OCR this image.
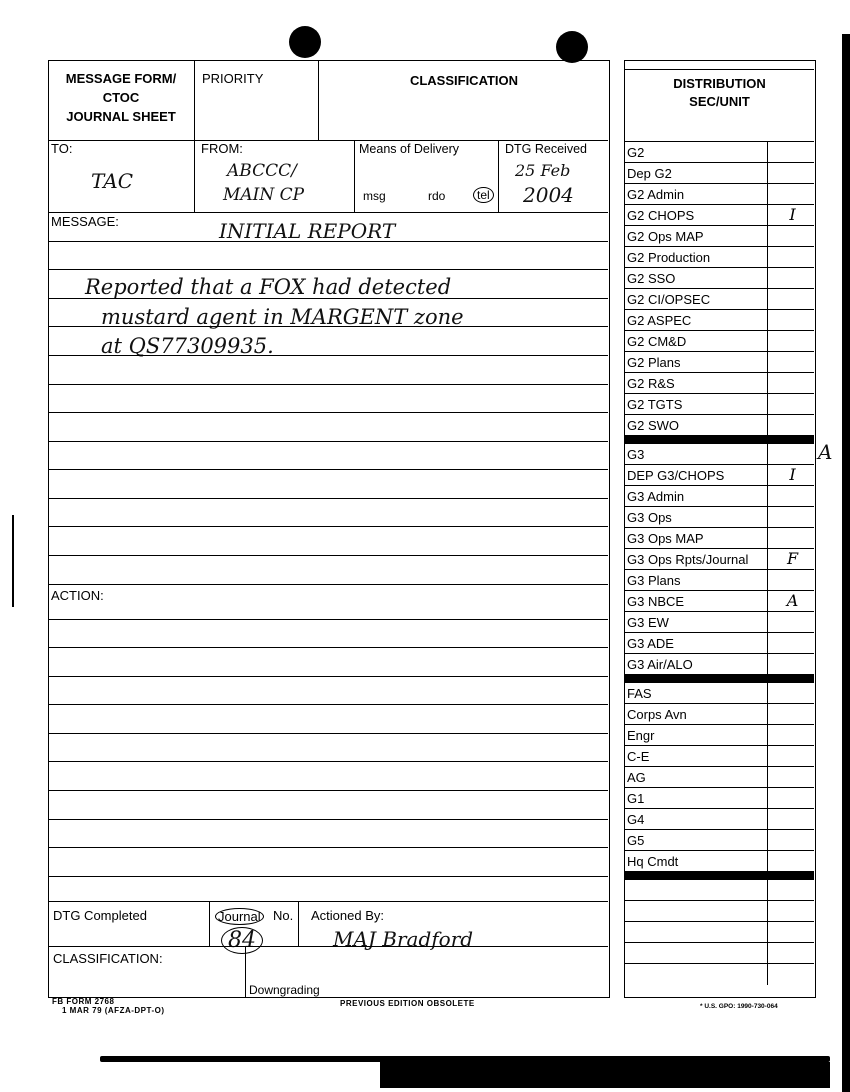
MESSAGE FORM/
CTOC
JOURNAL SHEET
PRIORITY	CLASSIFICATION
TO:
TAC
FROM:
ABCCC/
MAIN CP
Means of Delivery
msg	rdo	tel
DTG Received
25 Feb
2004
MESSAGE:	INITIAL REPORT
Reported that a FOX had detected
mustard agent in MARGENT zone
at QS77309935.
ACTION:
DTG Completed	Journal No.
84
Actioned By:
MAJ Bradford
CLASSIFICATION:
Downgrading
FB FORM 2768
1 MAR 79 (AFZA-DPT-O)
PREVIOUS EDITION OBSOLETE	* U.S. GPO: 1990-730-064
DISTRIBUTION
SEC/UNIT
G2
Dep G2
G2 Admin
G2 CHOPS	I
G2 Ops MAP
G2 Production
G2 SSO
G2 CI/OPSEC
G2 ASPEC
G2 CM&D
G2 Plans
G2 R&S
G2 TGTS
G2 SWO
G3
DEP G3/CHOPS	I
G3 Admin
G3 Ops
G3 Ops MAP
G3 Ops Rpts/Journal	F
G3 Plans
G3 NBCE	A
G3 EW
G3 ADE
G3 Air/ALO
FAS
Corps Avn
Engr
C-E
AG
G1
G4
G5
Hq Cmdt
A
